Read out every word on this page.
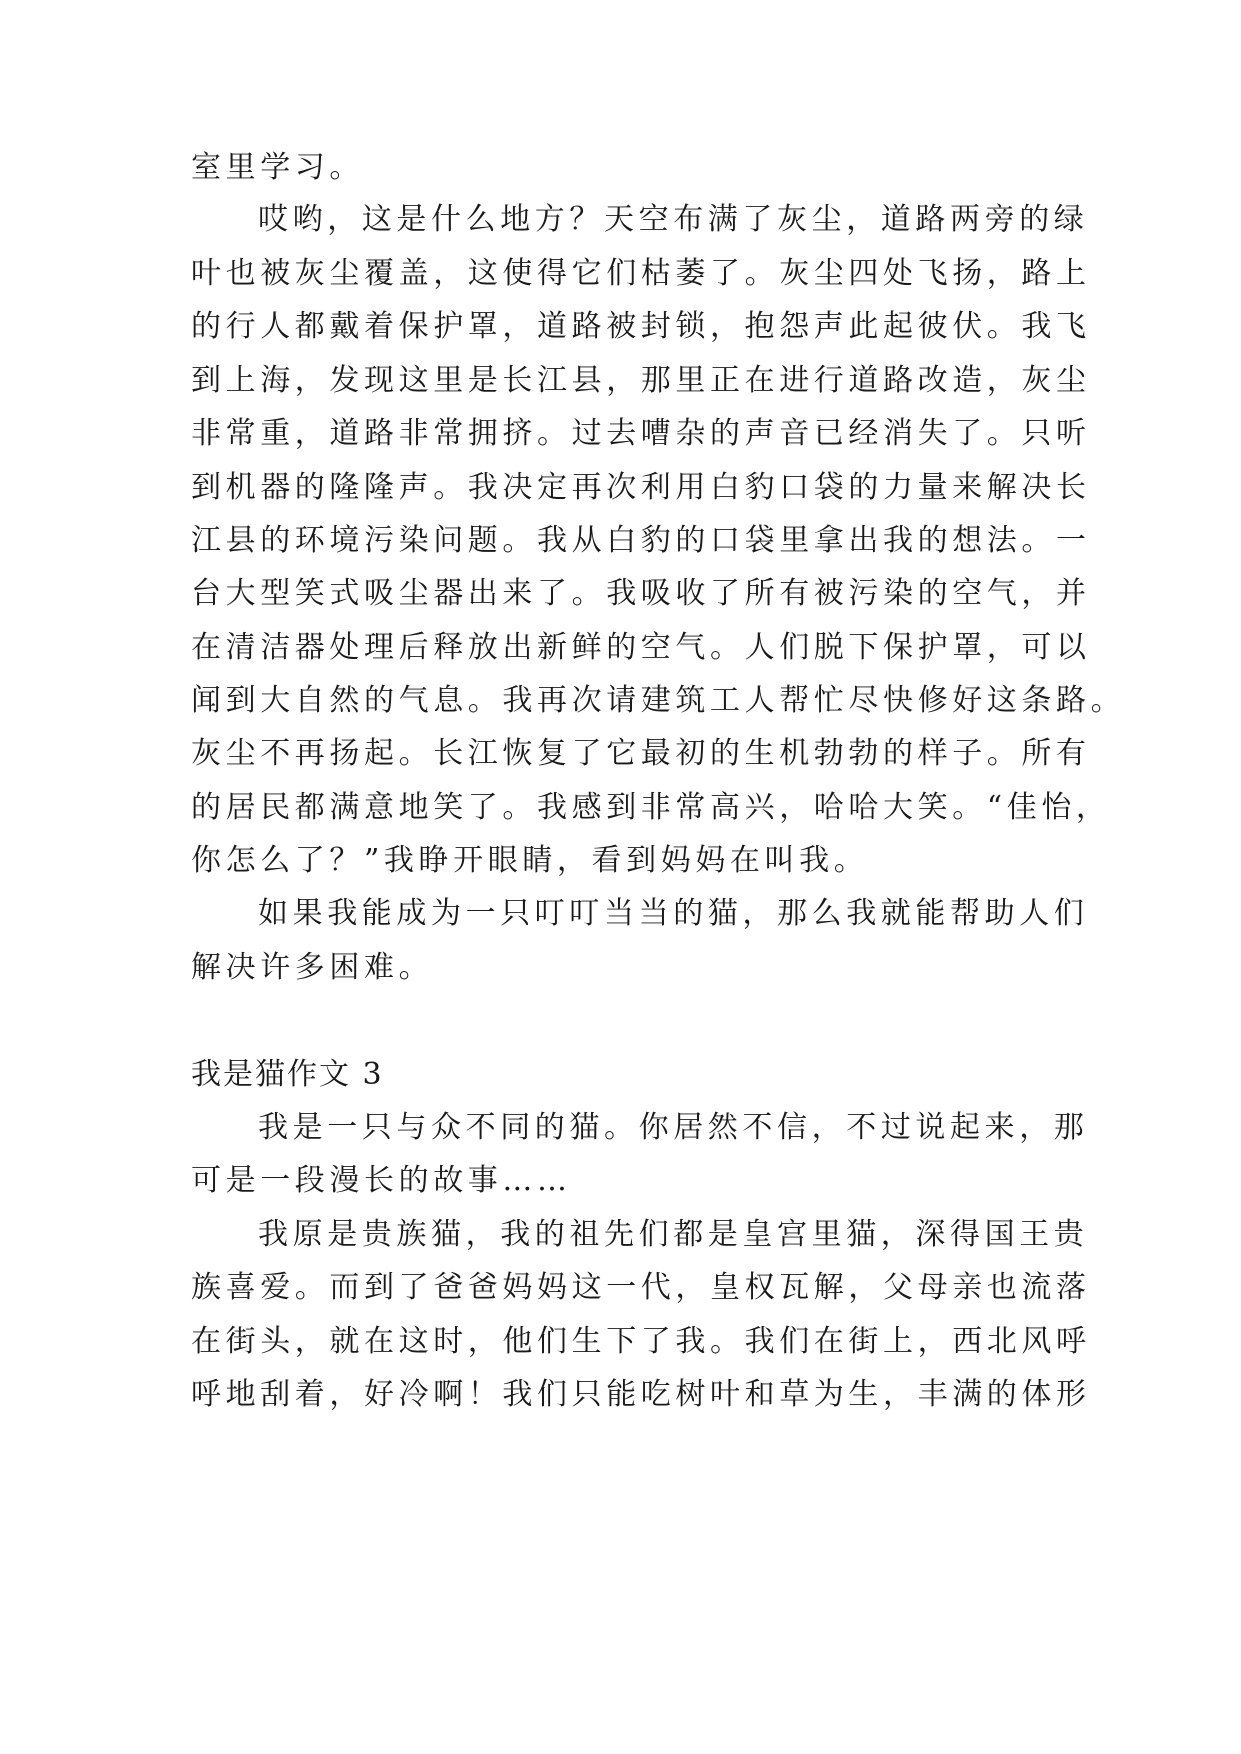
室里学习。
哎哟，这是什么地方？天空布满了灰尘，道路两旁的绿
叶也被灰尘覆盖，这使得它们枯萎了。灰尘四处飞扬，路上
的行人都戴着保护罩，道路被封锁，抱怨声此起彼伏。我飞
到上海，发现这里是长江县，那里正在进行道路改造，灰尘
非常重，道路非常拥挤。过去嘈杂的声音已经消失了。只听
到机器的隆隆声。我决定再次利用白豹口袋的力量来解决长
江县的环境污染问题。我从白豹的口袋里拿出我的想法。一
台大型笑式吸尘器出来了。我吸收了所有被污染的空气，并
在清洁器处理后释放出新鲜的空气。人们脱下保护罩，可以
闻到大自然的气息。我再次请建筑工人帮忙尽快修好这条路。
灰尘不再扬起。长江恢复了它最初的生机勃勃的样子。所有
的居民都满意地笑了。我感到非常高兴，哈哈大笑。“佳怡，
你怎么了？”我睁开眼睛，看到妈妈在叫我。
如果我能成为一只叮叮当当的猫，那么我就能帮助人们
解决许多困难。
我是猫作文 3
我是一只与众不同的猫。你居然不信，不过说起来，那
可是一段漫长的故事……
我原是贵族猫，我的祖先们都是皇宫里猫，深得国王贵
族喜爱。而到了爸爸妈妈这一代，皇权瓦解，父母亲也流落
在街头，就在这时，他们生下了我。我们在街上，西北风呼
呼地刮着，好冷啊！我们只能吃树叶和草为生，丰满的体形
